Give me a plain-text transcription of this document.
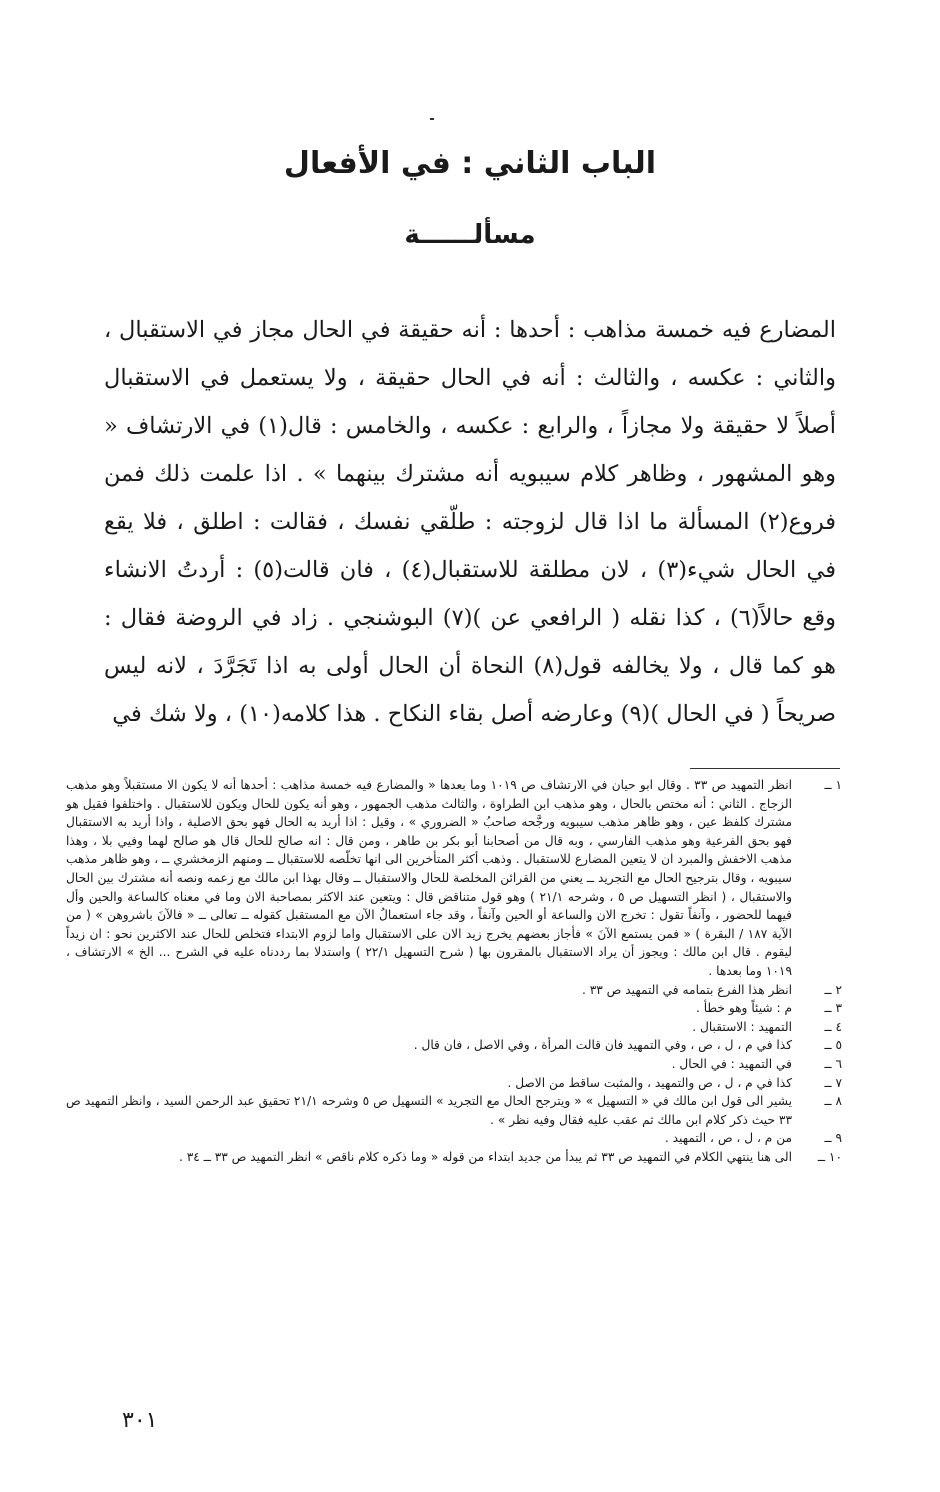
الباب الثاني : في الأفعال
مسألــــــة

المضارع فيه خمسة مذاهب : أحدها : أنه حقيقة في الحال مجاز في الاستقبال ، والثاني : عكسه ، والثالث : أنه في الحال حقيقة ، ولا يستعمل في الاستقبال أصلاً لا حقيقة ولا مجازاً ، والرابع : عكسه ، والخامس : قال(١) في الارتشاف « وهو المشهور ، وظاهر كلام سيبويه أنه مشترك بينهما » . اذا علمت ذلك فمن فروع(٢) المسألة ما اذا قال لزوجته : طلّقي نفسك ، فقالت : اطلق ، فلا يقع في الحال شيء(٣) ، لان مطلقة للاستقبال(٤) ، فان قالت(٥) : أردتُ الانشاء وقع حالاً(٦) ، كذا نقله ( الرافعي عن )(٧) البوشنجي . زاد في الروضة فقال : هو كما قال ، ولا يخالفه قول(٨) النحاة أن الحال أولى به اذا تَجَرَّدَ ، لانه ليس صريحاً ( في الحال )(٩) وعارضه أصل بقاء النكاح . هذا كلامه(١٠) ، ولا شك في

١ ــ
انظر التمهيد ص ٣٣ . وقال ابو حيان في الارتشاف ص ١٠١٩ وما بعدها « والمضارع فيه خمسة مذاهب : أحدها أنه لا يكون الا مستقبلاً وهو مذهب الزجاج . الثاني : أنه مختص بالحال ، وهو مذهب ابن الطراوة ، والثالث مذهب الجمهور ، وهو أنه يكون للحال ويكون للاستقبال . واختلفوا فقيل هو مشترك كلفظ عين ، وهو ظاهر مذهب سيبويه ورجَّحه صاحبُ « الضروري » ، وقيل : اذا أريد به الحال فهو بحق الاصلية ، واذا أريد به الاستقبال فهو بحق الفرعية وهو مذهب الفارسي ، وبه قال من أصحابنا أبو بكر بن طاهر ، ومن قال : انه صالح للحال قال هو صالح لهما وفيي بلا ، وهذا مذهب الاخفش والمبرد ان لا يتعين المضارع للاستقبال . وذهب أكثر المتأخرين الى انها تخلّصه للاستقبال ــ ومنهم الزمخشري ــ ، وهو ظاهر مذهب سيبويه ، وقال بترجيح الحال مع التجريد ــ يعني من القرائن المخلصة للحال والاستقبال ــ وقال بهذا ابن مالك مع زعمه ونصه أنه مشترك بين الحال والاستقبال ، ( انظر التسهيل ص ٥ ، وشرحه ٢١/١ ) وهو قول متناقض قال : ويتعين عند الاكثر بمصاحبة الان وما في معناه كالساعة والحين وأل فيهما للحضور ، وآنفاً تقول : تخرج الان والساعة أو الحين وآنفاً ، وقد جاء استعمالُ الآن مع المستقبل كقوله ــ تعالى ــ « فالآنَ باشروهن » ( من الآية ١٨٧ / البقرة ) « فمن يستمع الآنَ » فأجاز بعضهم يخرج زيد الان على الاستقبال واما لزوم الابتداء فتخلص للحال عند الاكثرين نحو : ان زيداً ليقوم . قال ابن مالك : ويجوز أن يراد الاستقبال بالمقرون بها ( شرح التسهيل ٢٢/١ ) واستدلا بما رددناه عليه في الشرح ... الخ » الارتشاف ، ١٠١٩ وما بعدها .
٢ ــ
انظر هذا الفرع بتمامه في التمهيد ص ٣٣ .
٣ ــ
م : شيئاً وهو خطأ .
٤ ــ
التمهيد : الاستقبال .
٥ ــ
كذا في م ، ل ، ص ، وفي التمهيد فان قالت المرأة ، وفي الاصل ، فان قال .
٦ ــ
في التمهيد : في الحال .
٧ ــ
كذا في م ، ل ، ص والتمهيد ، والمثبت ساقط من الاصل .
٨ ــ
يشير الى قول ابن مالك في « التسهيل » « ويترجح الحال مع التجريد » التسهيل ص ٥ وشرحه ٢١/١ تحقيق عبد الرحمن السيد ، وانظر التمهيد ص ٣٣ حيث ذكر كلام ابن مالك ثم عقب عليه فقال وفيه نظر » .
٩ ــ
من م ، ل ، ص ، التمهيد .
١٠ ــ
الى هنا ينتهي الكلام في التمهيد ص ٣٣ ثم يبدأ من جديد ابتداء من قوله « وما ذكره كلام ناقص » انظر التمهيد ص ٣٣ ــ ٣٤ .
٣٠١
